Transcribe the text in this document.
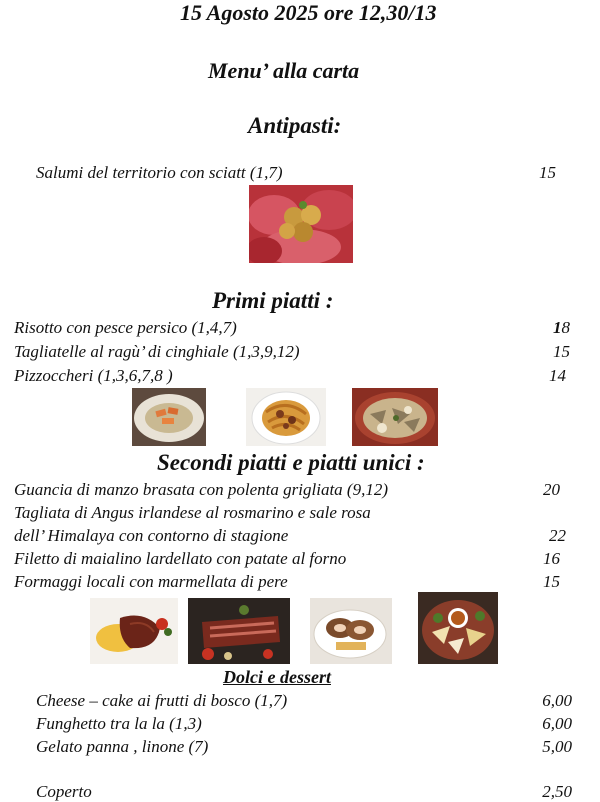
15 Agosto 2025 ore 12,30/13
Menu’ alla carta
Antipasti:
Salumi del territorio con sciatt (1,7)	15
Primi piatti :
Risotto con pesce persico (1,4,7)	18
Tagliatelle al ragù’ di cinghiale (1,3,9,12)	15
Pizzoccheri (1,3,6,7,8 )	14
Secondi piatti e piatti unici :
Guancia di manzo brasata con polenta grigliata (9,12)	20
Tagliata di Angus irlandese al rosmarino e sale rosa
dell’ Himalaya con contorno di stagione	22
Filetto di maialino lardellato con patate al forno	16
Formaggi locali con marmellata di pere	15
Dolci e dessert
Cheese – cake ai frutti di bosco (1,7)	6,00
Funghetto tra la la (1,3)	6,00
Gelato panna , linone (7)	5,00
Coperto	2,50
